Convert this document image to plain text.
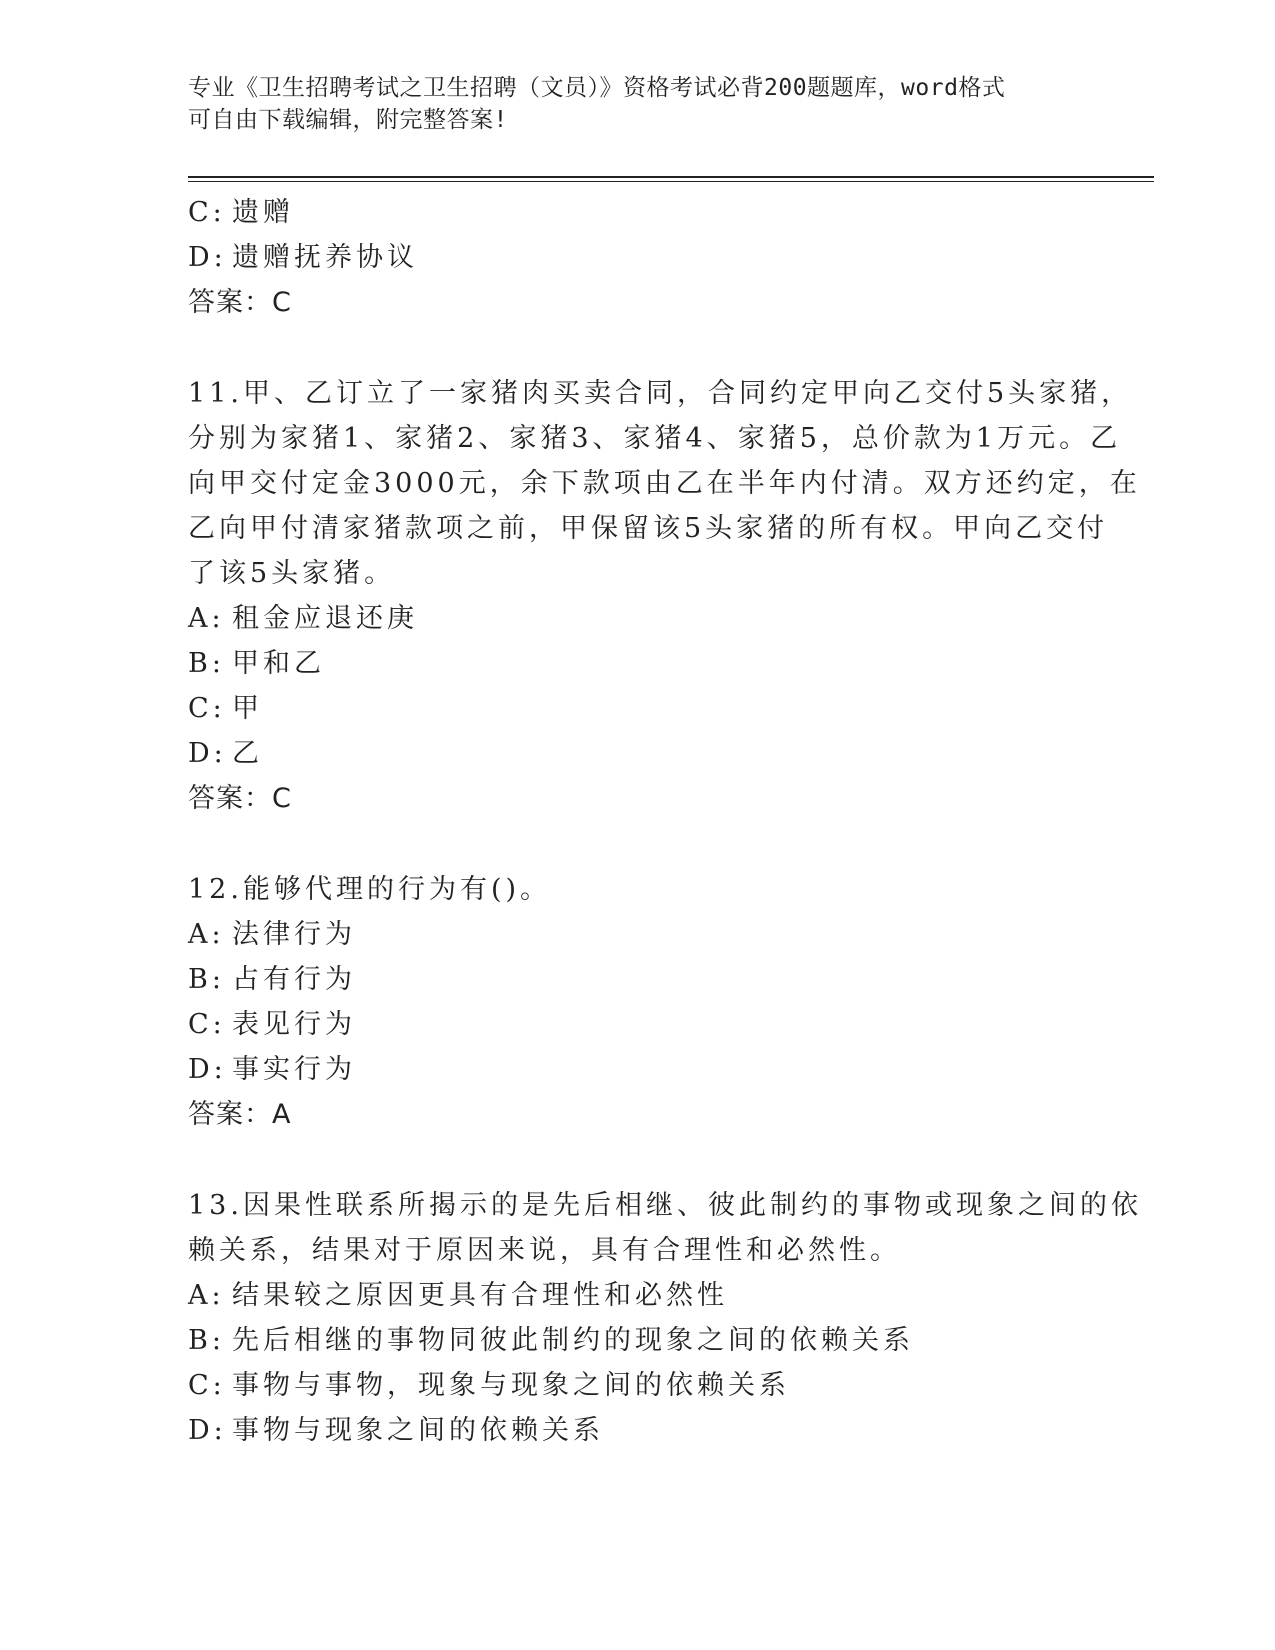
专业《卫生招聘考试之卫生招聘（文员）》资格考试必背200题题库，word格式
可自由下载编辑，附完整答案!
C: 遗赠
D: 遗赠抚养协议
答案：C
11.甲、乙订立了一家猪肉买卖合同，合同约定甲向乙交付5头家猪，
分别为家猪1、家猪2、家猪3、家猪4、家猪5，总价款为1万元。乙
向甲交付定金3000元，余下款项由乙在半年内付清。双方还约定，在
乙向甲付清家猪款项之前，甲保留该5头家猪的所有权。甲向乙交付
了该5头家猪。
A: 租金应退还庚
B: 甲和乙
C: 甲
D: 乙
答案：C
12.能够代理的行为有()。
A: 法律行为
B: 占有行为
C: 表见行为
D: 事实行为
答案：A
13.因果性联系所揭示的是先后相继、彼此制约的事物或现象之间的依
赖关系，结果对于原因来说，具有合理性和必然性。
A: 结果较之原因更具有合理性和必然性
B: 先后相继的事物同彼此制约的现象之间的依赖关系
C: 事物与事物，现象与现象之间的依赖关系
D: 事物与现象之间的依赖关系
